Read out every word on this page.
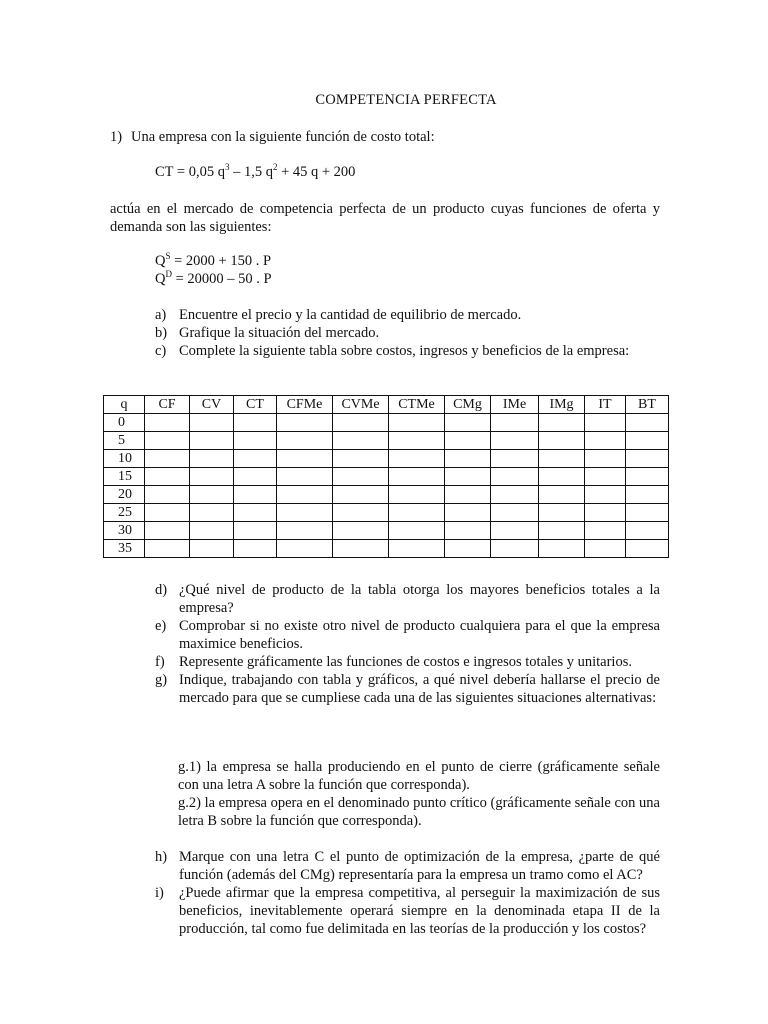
COMPETENCIA PERFECTA
1) Una empresa con la siguiente función de costo total:
CT = 0,05 $q^3 - 1,5$ $q^2 + 45$ q + 200
actúa en el mercado de competencia perfecta de un producto cuyas funciones de oferta y demanda son las siguientes:
$Q^S = 2000 + 150$ . P
$Q^D = 20000 - 50$ . P
a) Encuentre el precio y la cantidad de equilibrio de mercado.
b) Grafique la situación del mercado.
c) Complete la siguiente tabla sobre costos, ingresos y beneficios de la empresa:
q	CF	CV	CT	CFMe	CVMe	CTMe	CMg	IMe	IMg	IT	BT
0											
5											
10											
15											
20											
25											
30											
35											
d) ¿Qué nivel de producto de la tabla otorga los mayores beneficios totales a la empresa?
e) Comprobar si no existe otro nivel de producto cualquiera para el que la empresa maximice beneficios.
f) Represente gráficamente las funciones de costos e ingresos totales y unitarios.
g) Indique, trabajando con tabla y gráficos, a qué nivel debería hallarse el precio de mercado para que se cumpliese cada una de las siguientes situaciones alternativas:
g.1) la empresa se halla produciendo en el punto de cierre (gráficamente señale con una letra A sobre la función que corresponda).
g.2) la empresa opera en el denominado punto crítico (gráficamente señale con una letra B sobre la función que corresponda).
h) Marque con una letra C el punto de optimización de la empresa, ¿parte de qué función (además del CMg) representaría para la empresa un tramo como el AC?
i) ¿Puede afirmar que la empresa competitiva, al perseguir la maximización de sus beneficios, inevitablemente operará siempre en la denominada etapa II de la producción, tal como fue delimitada en las teorías de la producción y los costos?
